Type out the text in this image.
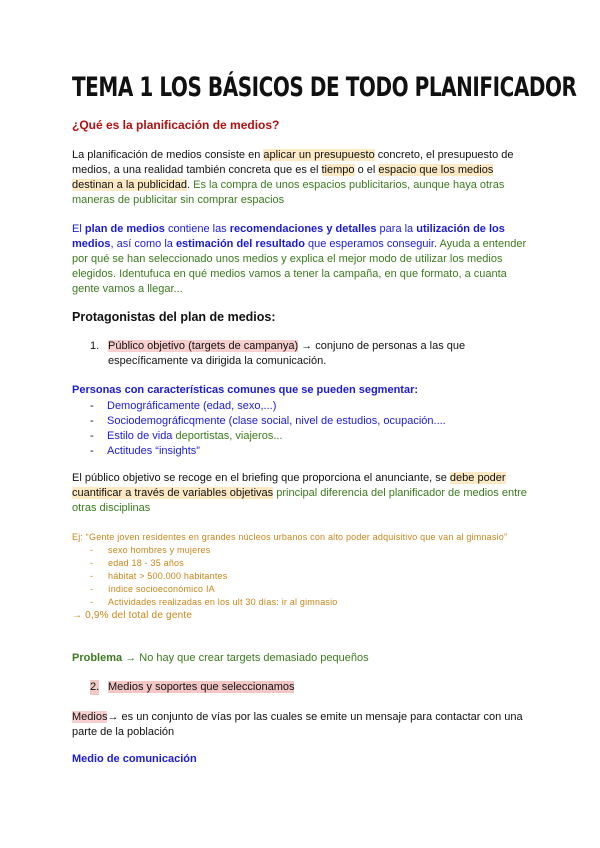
TEMA 1 LOS BÁSICOS DE TODO PLANIFICADOR
¿Qué es la planificación de medios?
La planificación de medios consiste en aplicar un presupuesto concreto, el presupuesto de medios, a una realidad también concreta que es el tiempo o el espacio que los medios destinan a la publicidad. Es la compra de unos espacios publicitarios, aunque haya otras maneras de publicitar sin comprar espacios
El plan de medios contiene las recomendaciones y detalles para la utilización de los medios, así como la estimación del resultado que esperamos conseguir. Ayuda a entender por qué se han seleccionado unos medios y explica el mejor modo de utilizar los medios elegidos. Identufuca en qué medios vamos a tener la campaña, en que formato, a cuanta gente vamos a llegar...
Protagonistas del plan de medios:
1. Público objetivo (targets de campanya) → conjuno de personas a las que específicamente va dirigida la comunicación.
Personas con características comunes que se pueden segmentar:
- Demográficamente (edad, sexo,...)
- Sociodemográficqmente (clase social, nivel de estudios, ocupación....
- Estilo de vida deportistas, viajeros...
- Actitudes “insights”
El público objetivo se recoge en el briefing que proporciona el anunciante, se debe poder cuantificar a través de variables objetivas principal diferencia del planificador de medios entre otras disciplinas
Ej: “Gente joven residentes en grandes núcleos urbanos con alto poder adquisitivo que van al gimnasio”
- sexo hombres y mujeres
- edad 18 - 35 años
- hábitat > 500.000 habitantes
- índice socioeconómico IA
- Actividades realizadas en los ult 30 días: ir al gimnasio
→ 0,9% del total de gente
Problema → No hay que crear targets demasiado pequeños
2. Medios y soportes que seleccionamos
Medios→ es un conjunto de vías por las cuales se emite un mensaje para contactar con una parte de la población
Medio de comunicación
